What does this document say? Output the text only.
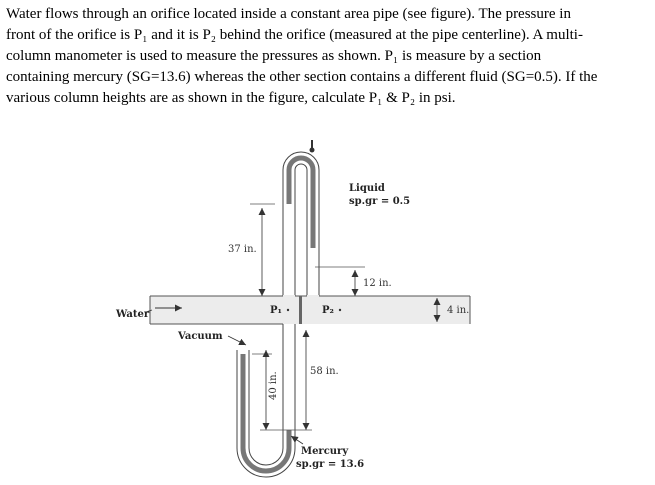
Water flows through an orifice located inside a constant area pipe (see figure). The pressure in

front of the orifice is P₁ and it is P₂ behind the orifice (measured at the pipe centerline). A multi-

column manometer is used to measure the pressures as shown. P₁ is measure by a section

containing mercury (SG=13.6) whereas the other section contains a different fluid (SG=0.5). If the

various column heights are as shown in the figure, calculate P₁ & P₂ in psi.

37 in.
12 in.
4 in.
58 in.
40 in.
Water
Vacuum
Liquid
sp.gr = 0.5
Mercury
sp.gr = 13.6
P₁	P₂
